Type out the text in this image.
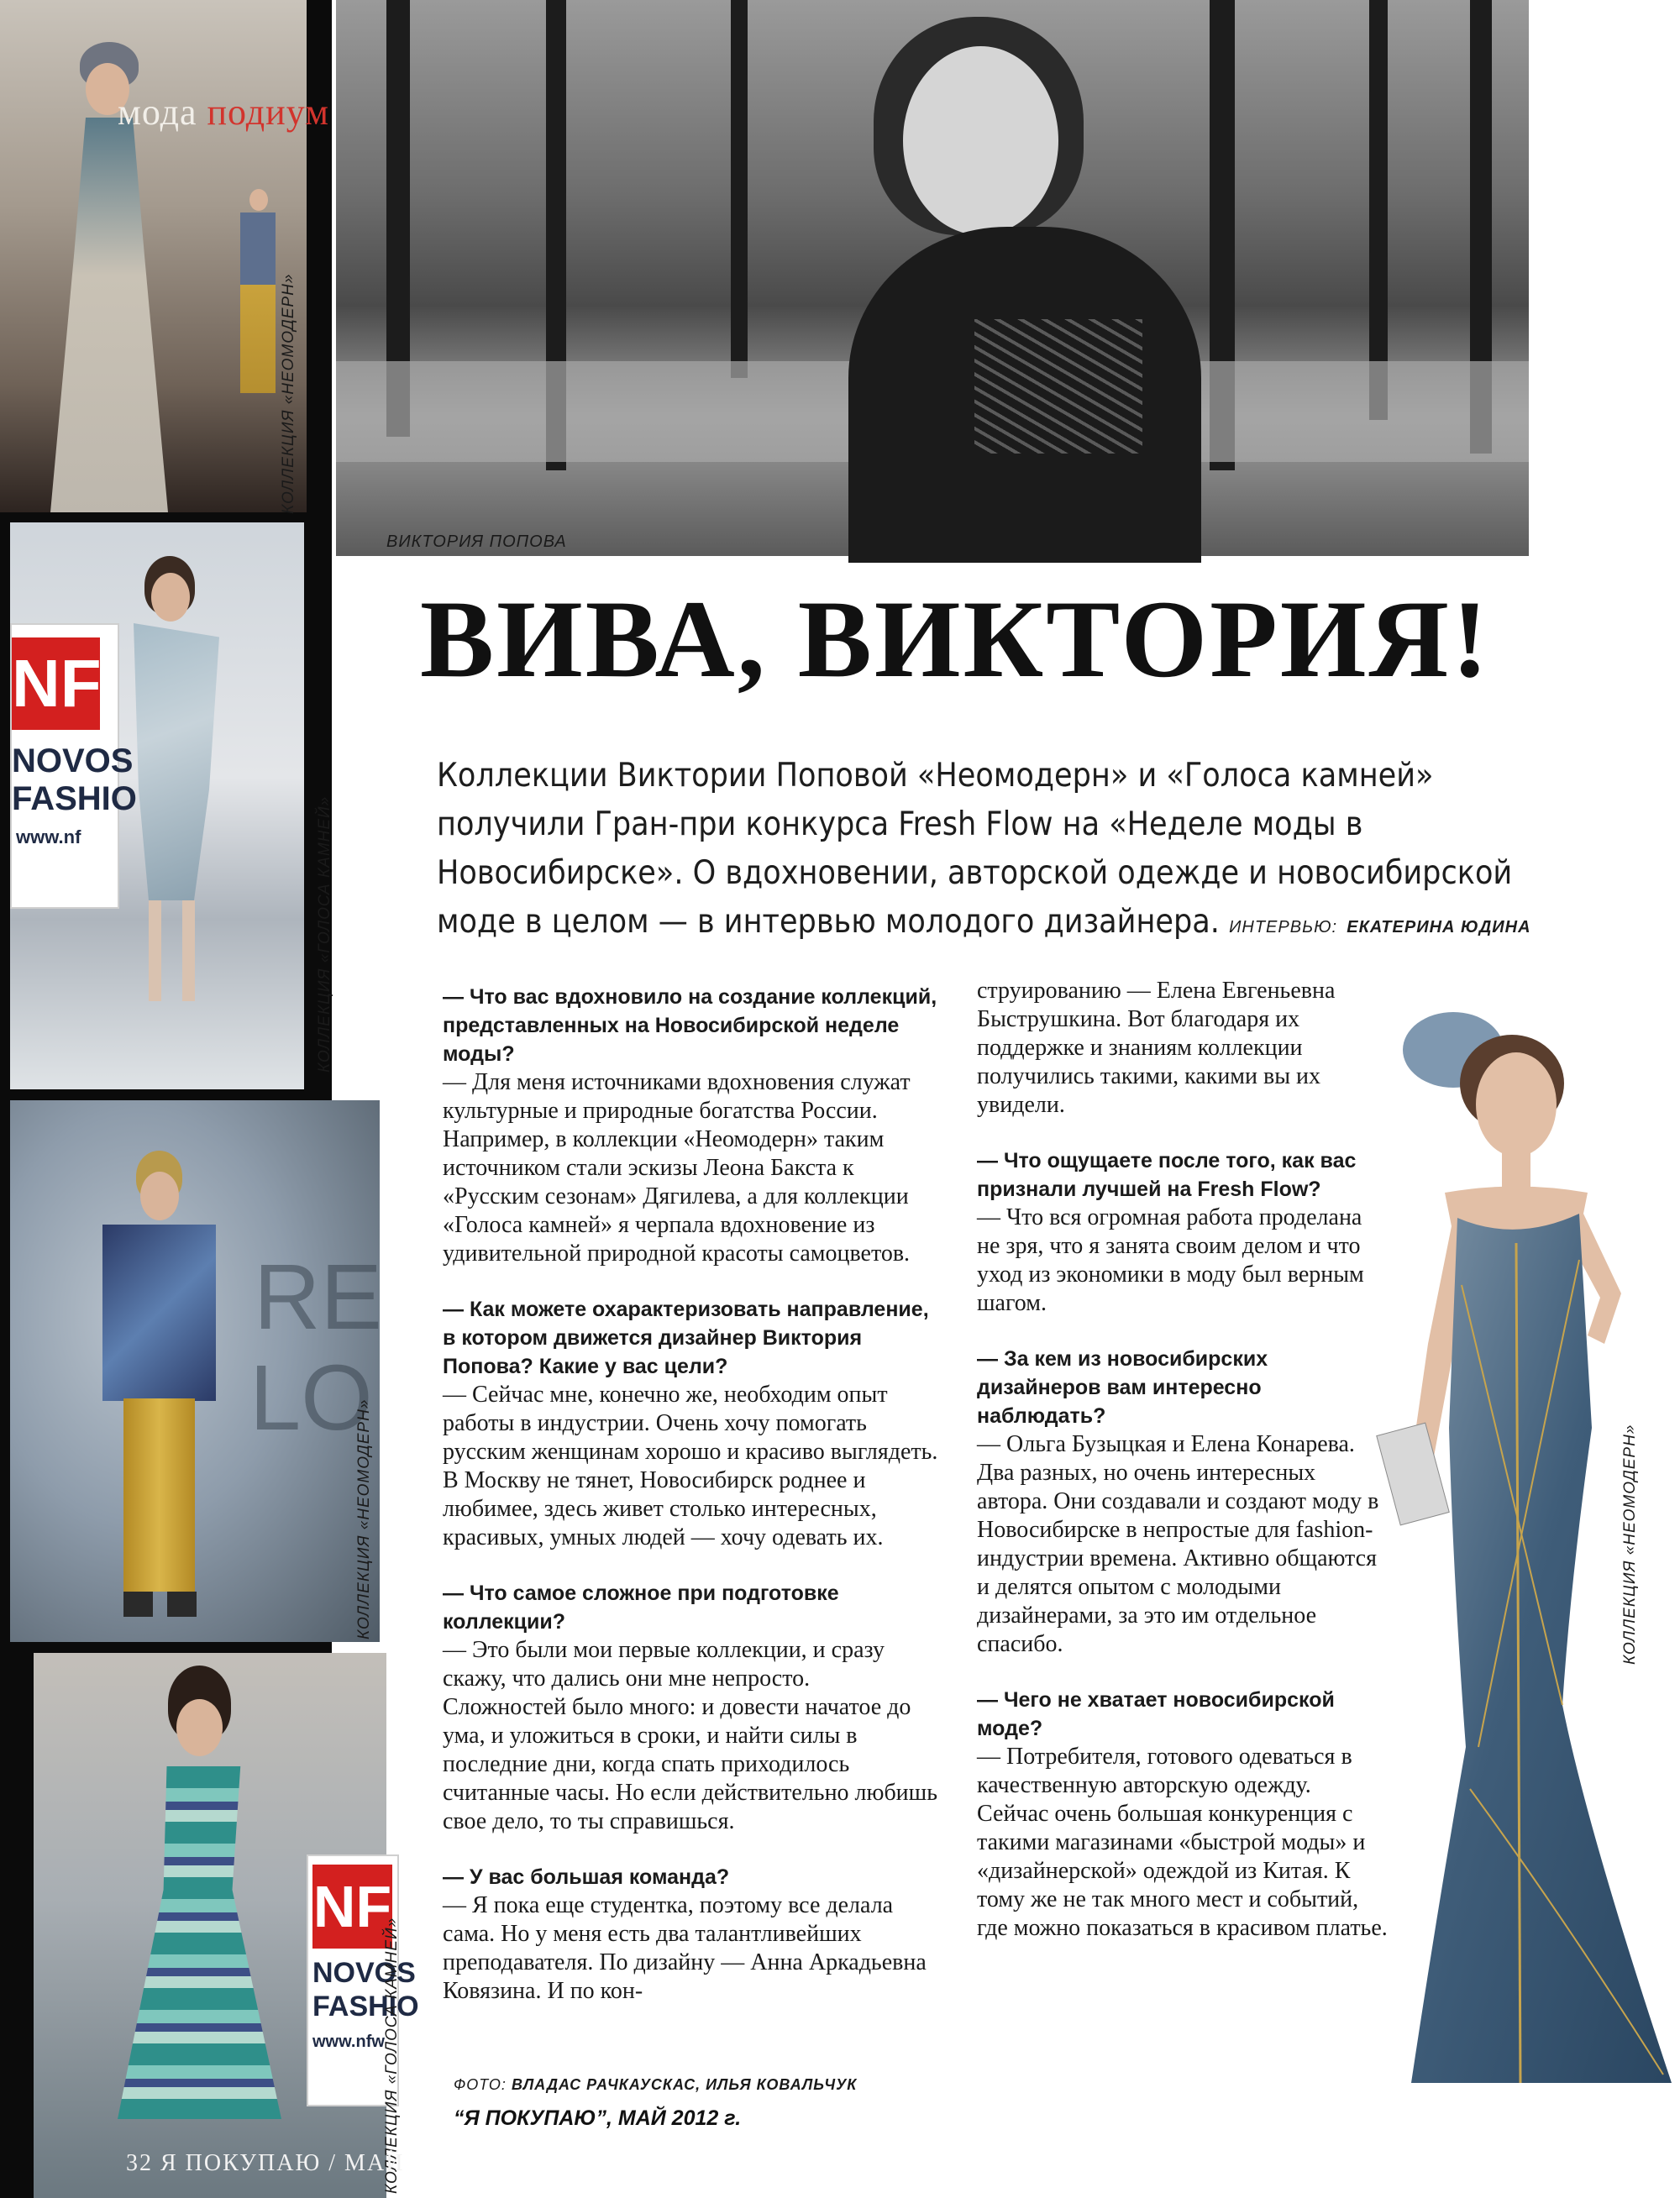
мода подиум
КОЛЛЕКЦИЯ «НЕОМОДЕРН»
NF
NOVOS
FASHIO
www.nf	КОЛЛЕКЦИЯ «ГОЛОСА КАМНЕЙ»
RE
LO
КОЛЛЕКЦИЯ «НЕОМОДЕРН»
NF
NOVOS
FASHIO
www.nfw
КОЛЛЕКЦИЯ «ГОЛОСА КАМНЕЙ»
32 Я ПОКУПАЮ / МАЙ
ВИКТОРИЯ ПОПОВА
ВИВА, ВИКТОРИЯ!

Коллекции Виктории Поповой «Неомодерн» и «Голоса камней» получили Гран-при конкурса Fresh Flow на «Неделе моды в Новосибирске». О вдохновении, авторской одежде и новосибирской моде в целом — в интервью молодого дизайнера. ИНТЕРВЬЮ: ЕКАТЕРИНА ЮДИНА

— Что вас вдохновило на создание коллекций, представленных на Новосибирской неделе моды?

— Для меня источниками вдохновения служат культурные и природные богатства России. Например, в коллекции «Неомодерн» таким источником стали эскизы Леона Бакста к «Русским сезонам» Дягилева, а для коллекции «Голоса камней» я черпала вдохновение из удивительной природной красоты самоцветов.

— Как можете охарактеризовать направление, в котором движется дизайнер Виктория Попова? Какие у вас цели?

— Сейчас мне, конечно же, необходим опыт работы в индустрии. Очень хочу помогать русским женщинам хорошо и красиво выглядеть. В Москву не тянет, Новосибирск роднее и любимее, здесь живет столько интересных, красивых, умных людей — хочу одевать их.

— Что самое сложное при подготовке коллекции?

— Это были мои первые коллекции, и сразу скажу, что дались они мне непросто. Сложностей было много: и довести начатое до ума, и уложиться в сроки, и найти силы в последние дни, когда спать приходилось считанные часы. Но если действительно любишь свое дело, то ты справишься.

— У вас большая команда?

— Я пока еще студентка, поэтому все делала сама. Но у меня есть два талантливейших преподавателя. По дизайну — Анна Аркадьевна Ковязина. И по кон-

струированию — Елена Евгеньевна Быструшкина. Вот благодаря их поддержке и знаниям коллекции получились такими, какими вы их увидели.

— Что ощущаете после того, как вас признали лучшей на Fresh Flow?

— Что вся огромная работа проделана не зря, что я занята своим делом и что уход из экономики в моду был верным шагом.

— За кем из новосибирских дизайнеров вам интересно наблюдать?

— Ольга Бузыцкая и Елена Конарева. Два разных, но очень интересных автора. Они создавали и создают моду в Новосибирске в непростые для fashion-индустрии времена. Активно общаются и делятся опытом с молодыми дизайнерами, за это им отдельное спасибо.

— Чего не хватает новосибирской моде?

— Потребителя, готового одеваться в качественную авторскую одежду. Сейчас очень большая конкуренция с такими магазинами «быстрой моды» и «дизайнерской» одеждой из Китая. К тому же не так много мест и событий, где можно показаться в красивом платье.

КОЛЛЕКЦИЯ «НЕОМОДЕРН»
ФОТО: ВЛАДАС РАЧКАУСКАС, ИЛЬЯ КОВАЛЬЧУК
“Я ПОКУПАЮ”, МАЙ 2012 г.
